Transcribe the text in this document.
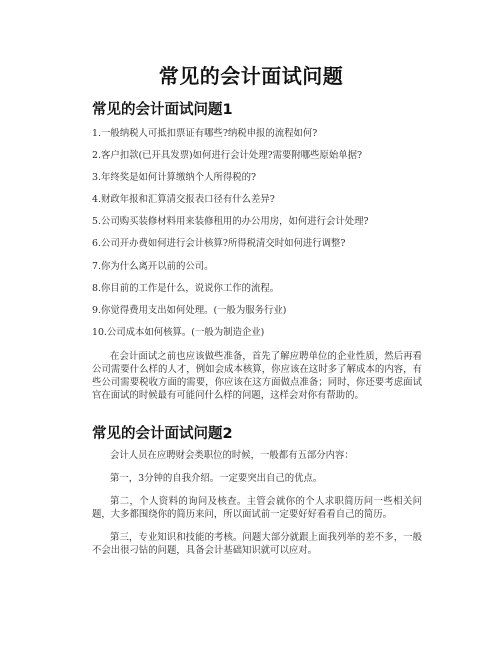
常见的会计面试问题
常见的会计面试问题1
1.一般纳税人可抵扣票证有哪些?纳税申报的流程如何?
2.客户扣款(已开具发票)如何进行会计处理?需要附哪些原始单据?
3.年终奖是如何计算缴纳个人所得税的?
4.财政年报和汇算清交报表口径有什么差异?
5.公司购买装修材料用来装修租用的办公用房，如何进行会计处理?
6.公司开办费如何进行会计核算?所得税清交时如何进行调整?
7.你为什么离开以前的公司。
8.你目前的工作是什么，说说你工作的流程。
9.你觉得费用支出如何处理。(一般为服务行业)
10.公司成本如何核算。(一般为制造企业)

在会计面试之前也应该做些准备，首先了解应聘单位的企业性质，然后再看公司需要什么样的人才，例如会成本核算，你应该在这时多了解成本的内容，有些公司需要税收方面的需要，你应该在这方面做点准备；同时，你还要考虑面试官在面试的时候最有可能问什么样的问题，这样会对你有帮助的。

常见的会计面试问题2

会计人员在应聘财会类职位的时候，一般都有五部分内容：

第一，3分钟的自我介绍。一定要突出自己的优点。

第二，个人资料的询问及核查。主管会就你的个人求职简历问一些相关问题，大多都围绕你的简历来问，所以面试前一定要好好看看自己的简历。

第三，专业知识和技能的考核。问题大部分就跟上面我列举的差不多，一般不会出很刁钻的问题，具备会计基础知识就可以应对。
